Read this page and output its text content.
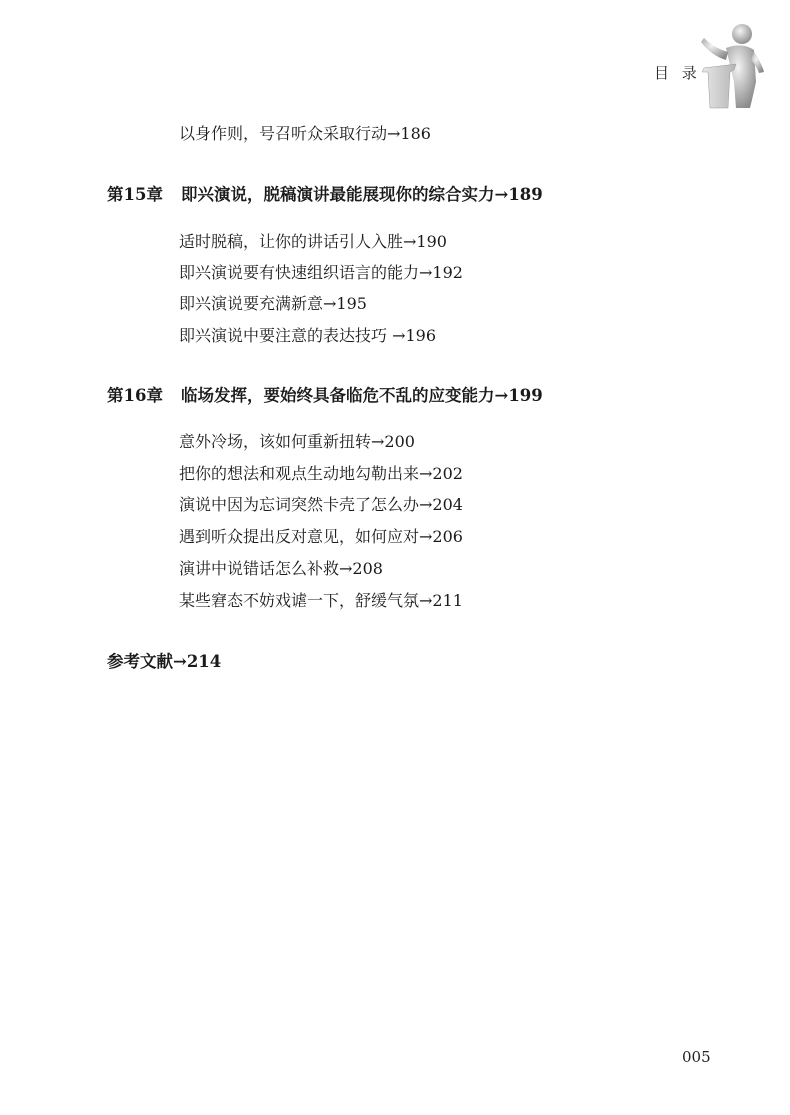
目 录
以身作则，号召听众采取行动→186
第15章 即兴演说，脱稿演讲最能展现你的综合实力→189
适时脱稿，让你的讲话引人入胜→190
即兴演说要有快速组织语言的能力→192
即兴演说要充满新意→195
即兴演说中要注意的表达技巧 →196
第16章 临场发挥，要始终具备临危不乱的应变能力→199
意外冷场，该如何重新扭转→200
把你的想法和观点生动地勾勒出来→202
演说中因为忘词突然卡壳了怎么办→204
遇到听众提出反对意见，如何应对→206
演讲中说错话怎么补救→208
某些窘态不妨戏谑一下，舒缓气氛→211
参考文献→214
005
